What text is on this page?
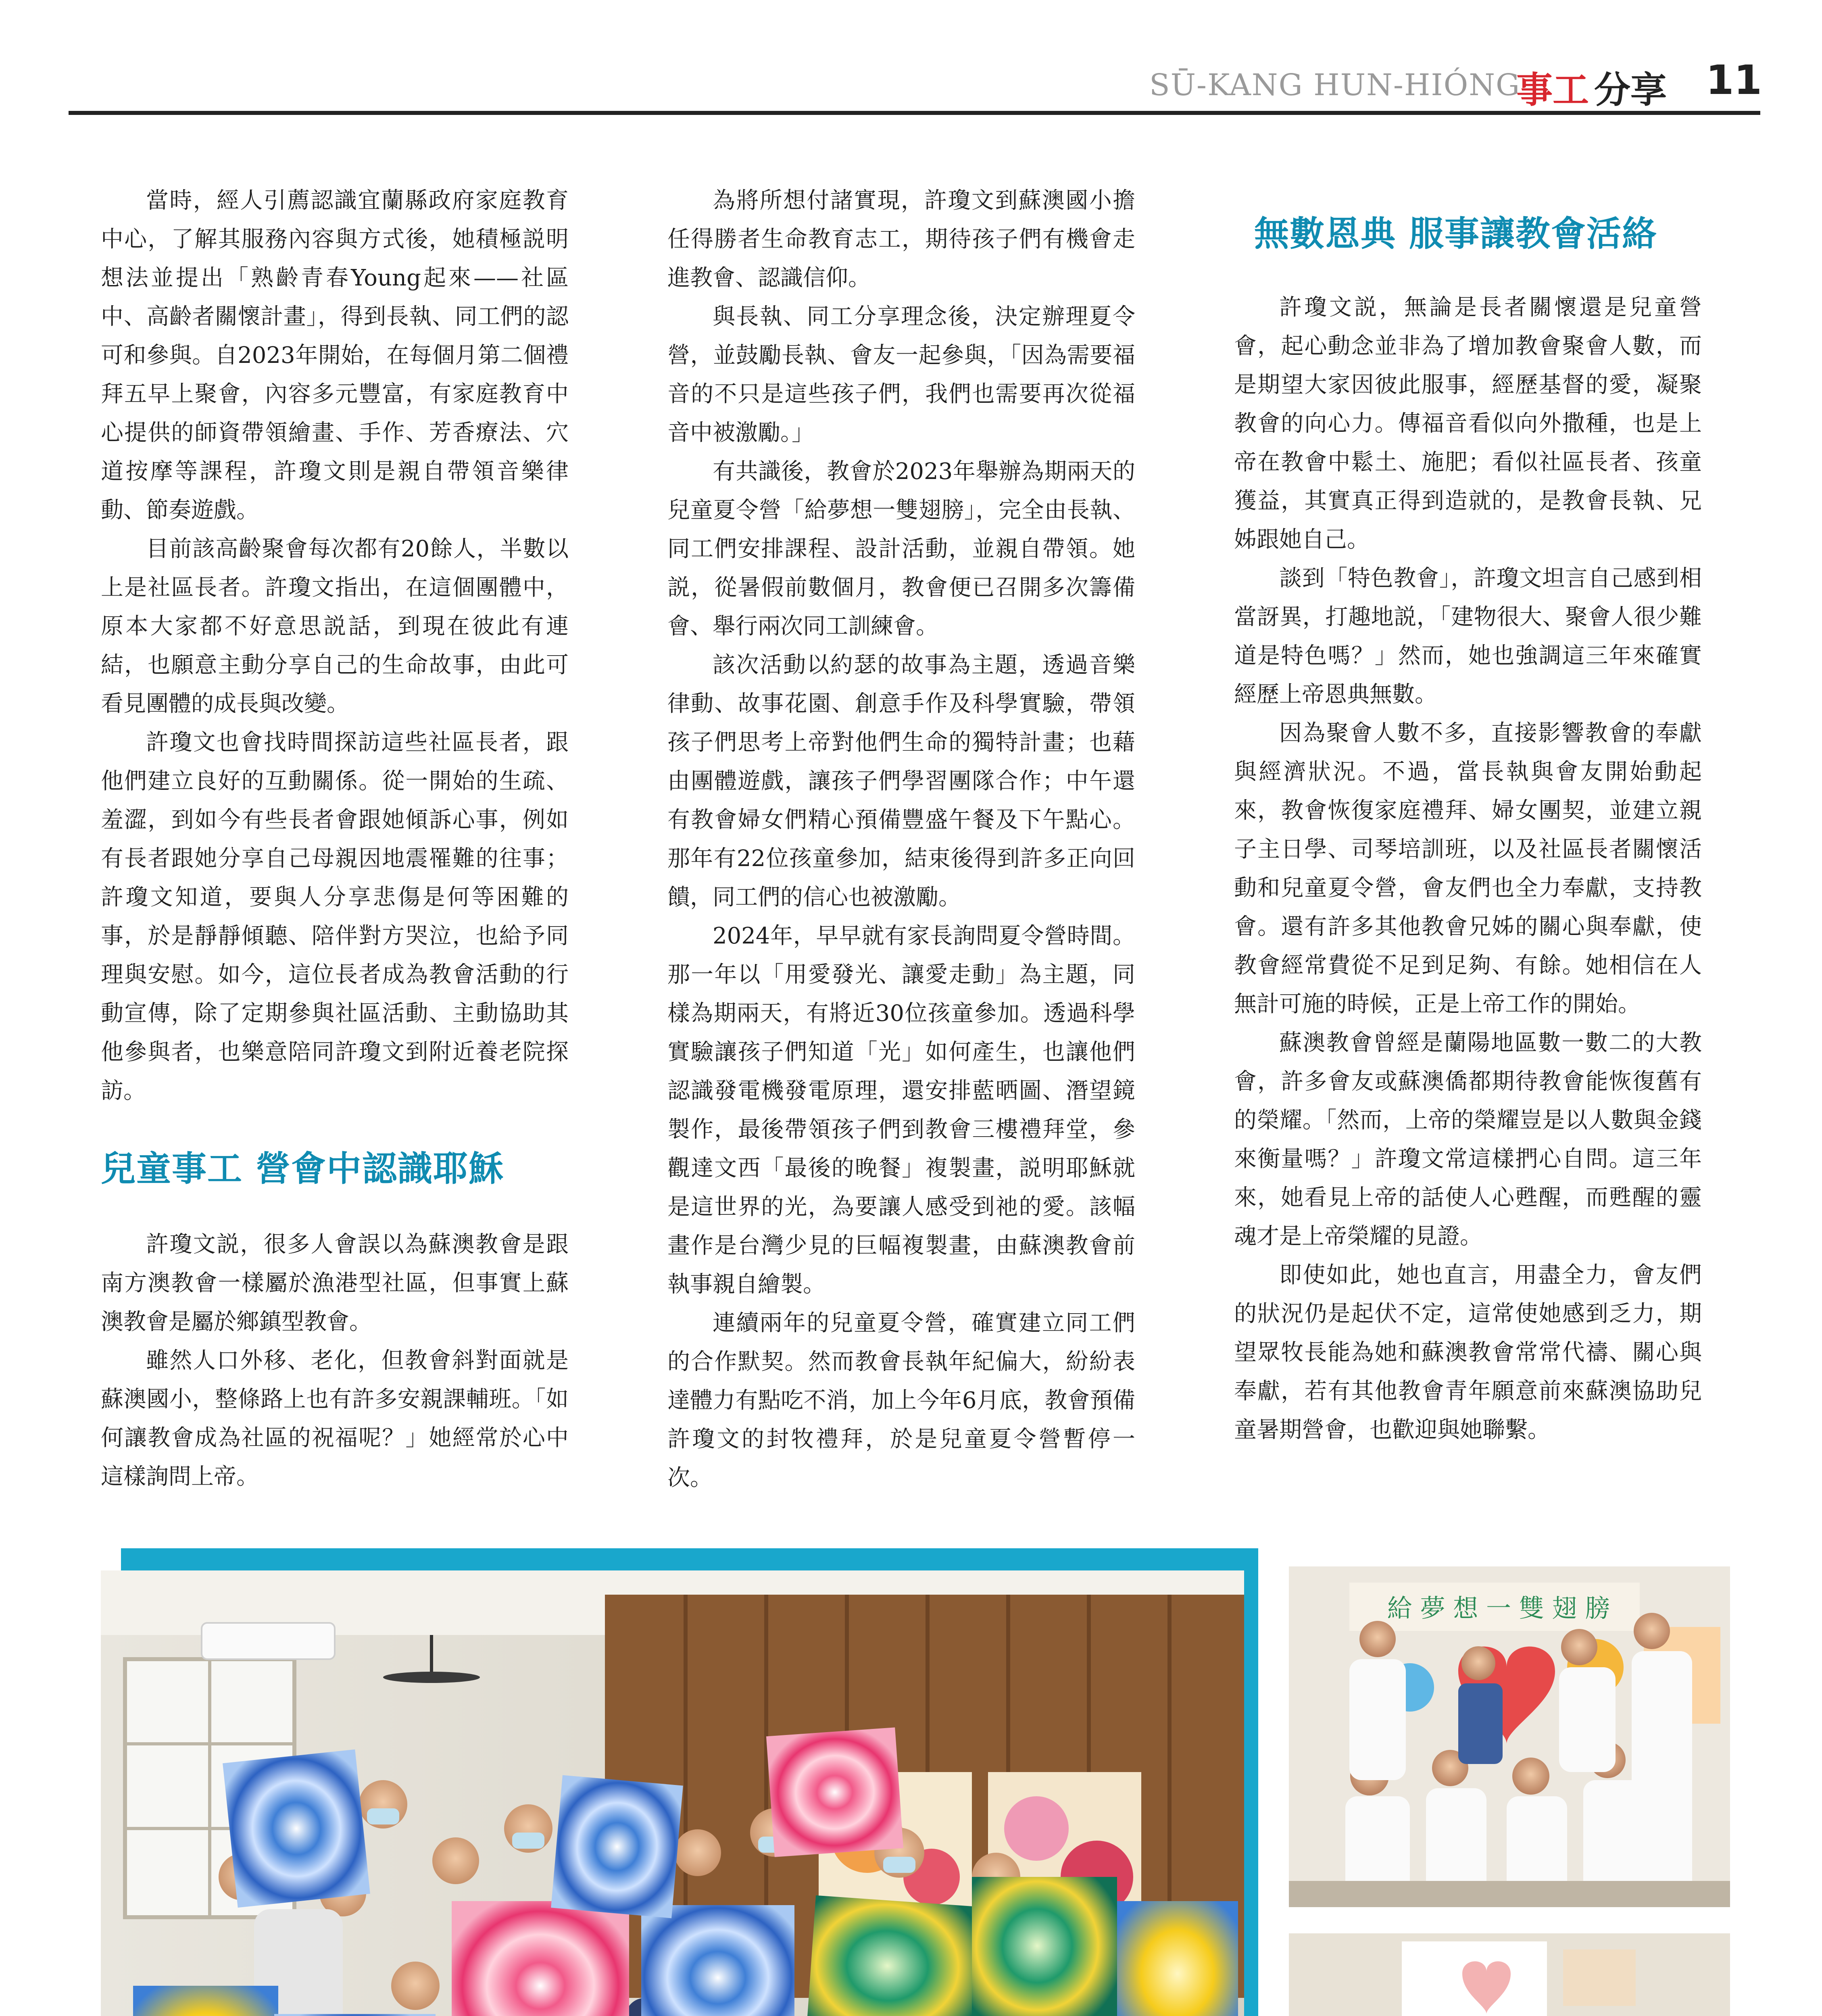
SŪ-KANG HUN-HIÓNG
事工 分享 11

當時，經人引薦認識宜蘭縣政府家庭教育中心，了解其服務內容與方式後，她積極説明想法並提出「熟齡青春Young起來——社區中、高齡者關懷計畫」，得到長執、同工們的認可和參與。自2023年開始，在每個月第二個禮拜五早上聚會，內容多元豐富，有家庭教育中心提供的師資帶領繪畫、手作、芳香療法、穴道按摩等課程，許瓊文則是親自帶領音樂律動、節奏遊戲。

目前該高齡聚會每次都有20餘人，半數以上是社區長者。許瓊文指出，在這個團體中，原本大家都不好意思説話，到現在彼此有連結，也願意主動分享自己的生命故事，由此可看見團體的成長與改變。

許瓊文也會找時間探訪這些社區長者，跟他們建立良好的互動關係。從一開始的生疏、羞澀，到如今有些長者會跟她傾訴心事，例如有長者跟她分享自己母親因地震罹難的往事；許瓊文知道，要與人分享悲傷是何等困難的事，於是靜靜傾聽、陪伴對方哭泣，也給予同理與安慰。如今，這位長者成為教會活動的行動宣傳，除了定期參與社區活動、主動協助其他參與者，也樂意陪同許瓊文到附近養老院探訪。

兒童事工 營會中認識耶穌

許瓊文説，很多人會誤以為蘇澳教會是跟南方澳教會一樣屬於漁港型社區，但事實上蘇澳教會是屬於鄉鎮型教會。

雖然人口外移、老化，但教會斜對面就是蘇澳國小，整條路上也有許多安親課輔班。「如何讓教會成為社區的祝福呢？」她經常於心中這樣詢問上帝。

為將所想付諸實現，許瓊文到蘇澳國小擔任得勝者生命教育志工，期待孩子們有機會走進教會、認識信仰。

與長執、同工分享理念後，決定辦理夏令營，並鼓勵長執、會友一起參與，「因為需要福音的不只是這些孩子們，我們也需要再次從福音中被激勵。」

有共識後，教會於2023年舉辦為期兩天的兒童夏令營「給夢想一雙翅膀」，完全由長執、同工們安排課程、設計活動，並親自帶領。她説，從暑假前數個月，教會便已召開多次籌備會、舉行兩次同工訓練會。

該次活動以約瑟的故事為主題，透過音樂律動、故事花園、創意手作及科學實驗，帶領孩子們思考上帝對他們生命的獨特計畫；也藉由團體遊戲，讓孩子們學習團隊合作；中午還有教會婦女們精心預備豐盛午餐及下午點心。那年有22位孩童參加，結束後得到許多正向回饋，同工們的信心也被激勵。

2024年，早早就有家長詢問夏令營時間。那一年以「用愛發光、讓愛走動」為主題，同樣為期兩天，有將近30位孩童參加。透過科學實驗讓孩子們知道「光」如何產生，也讓他們認識發電機發電原理，還安排藍晒圖、潛望鏡製作，最後帶領孩子們到教會三樓禮拜堂，參觀達文西「最後的晚餐」複製畫，説明耶穌就是這世界的光，為要讓人感受到祂的愛。該幅畫作是台灣少見的巨幅複製畫，由蘇澳教會前執事親自繪製。

連續兩年的兒童夏令營，確實建立同工們的合作默契。然而教會長執年紀偏大，紛紛表達體力有點吃不消，加上今年6月底，教會預備許瓊文的封牧禮拜，於是兒童夏令營暫停一次。

無數恩典 服事讓教會活絡

許瓊文説，無論是長者關懷還是兒童營會，起心動念並非為了增加教會聚會人數，而是期望大家因彼此服事，經歷基督的愛，凝聚教會的向心力。傳福音看似向外撒種，也是上帝在教會中鬆土、施肥；看似社區長者、孩童獲益，其實真正得到造就的，是教會長執、兄姊跟她自己。

談到「特色教會」，許瓊文坦言自己感到相當訝異，打趣地説，「建物很大、聚會人很少難道是特色嗎？」然而，她也強調這三年來確實經歷上帝恩典無數。

因為聚會人數不多，直接影響教會的奉獻與經濟狀況。不過，當長執與會友開始動起來，教會恢復家庭禮拜、婦女團契，並建立親子主日學、司琴培訓班，以及社區長者關懷活動和兒童夏令營，會友們也全力奉獻，支持教會。還有許多其他教會兄姊的關心與奉獻，使教會經常費從不足到足夠、有餘。她相信在人無計可施的時候，正是上帝工作的開始。

蘇澳教會曾經是蘭陽地區數一數二的大教會，許多會友或蘇澳僑都期待教會能恢復舊有的榮耀。「然而，上帝的榮耀豈是以人數與金錢來衡量嗎？」許瓊文常這樣捫心自問。這三年來，她看見上帝的話使人心甦醒，而甦醒的靈魂才是上帝榮耀的見證。

即使如此，她也直言，用盡全力，會友們的狀況仍是起伏不定，這常使她感到乏力，期望眾牧長能為她和蘇澳教會常常代禱、關心與奉獻，若有其他教會青年願意前來蘇澳協助兒童暑期營會，也歡迎與她聯繫。

給 夢 想 一 雙 翅 膀
